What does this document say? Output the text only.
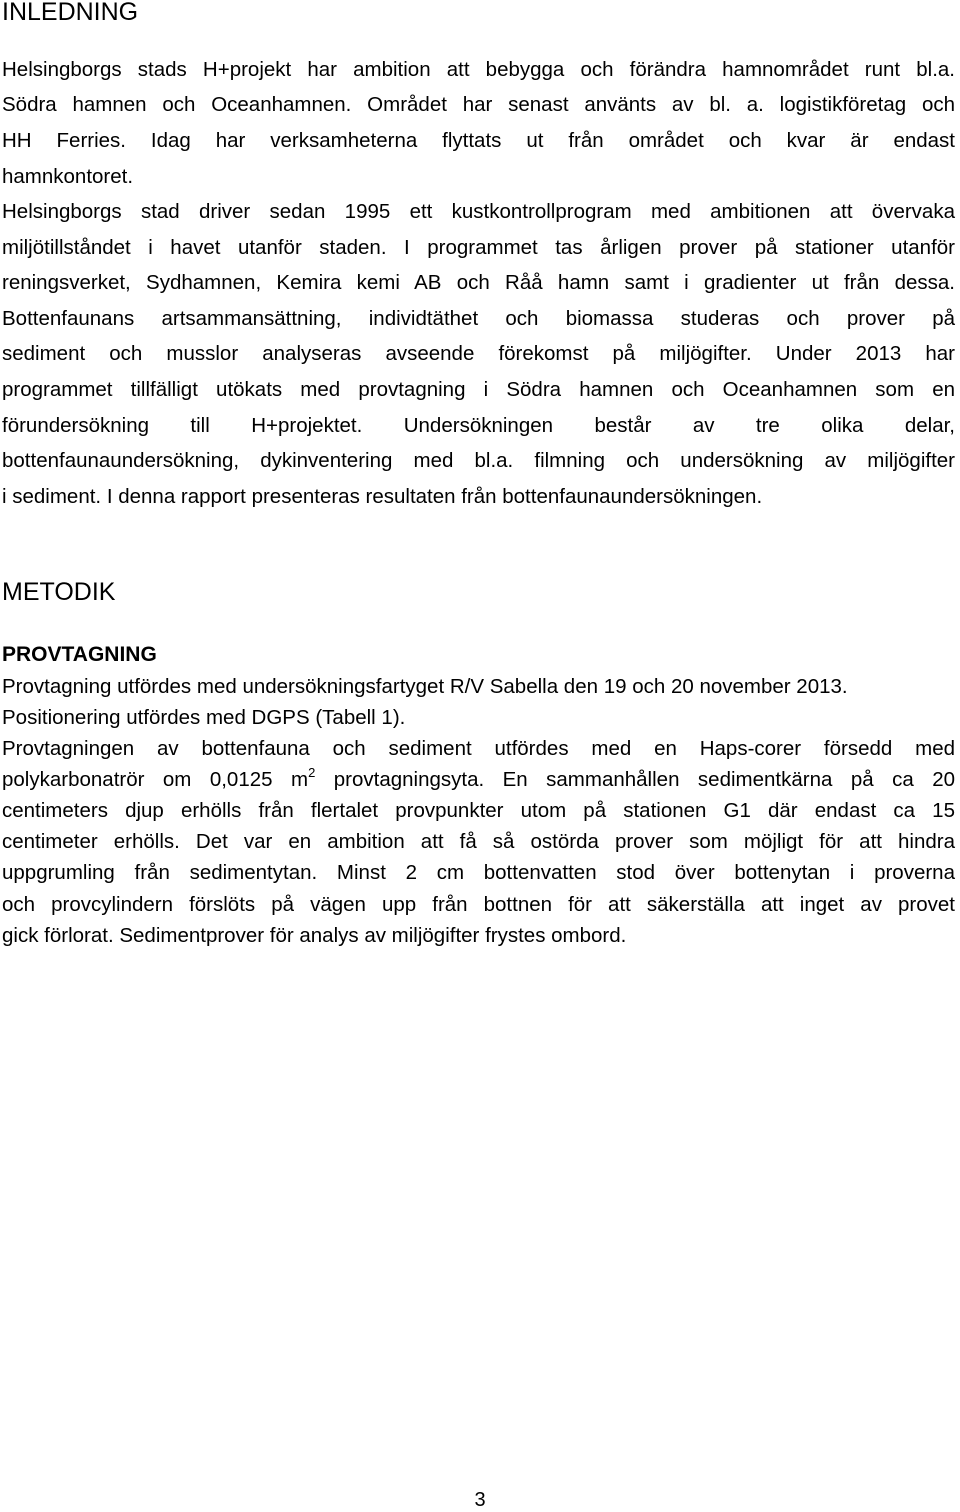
INLEDNING

Helsingborgs stads H+projekt har ambition att bebygga och förändra hamnområdet runt bl.a.

Södra hamnen och Oceanhamnen. Området har senast använts av bl. a. logistikföretag och

HH Ferries. Idag har verksamheterna flyttats ut från området och kvar är endast

hamnkontoret.

Helsingborgs stad driver sedan 1995 ett kustkontrollprogram med ambitionen att övervaka

miljötillståndet i havet utanför staden. I programmet tas årligen prover på stationer utanför

reningsverket, Sydhamnen, Kemira kemi AB och Råå hamn samt i gradienter ut från dessa.

Bottenfaunans artsammansättning, individtäthet och biomassa studeras och prover på

sediment och musslor analyseras avseende förekomst på miljögifter. Under 2013 har

programmet tillfälligt utökats med provtagning i Södra hamnen och Oceanhamnen som en

förundersökning till H+projektet. Undersökningen består av tre olika delar,

bottenfaunaundersökning, dykinventering med bl.a. filmning och undersökning av miljögifter

i sediment. I denna rapport presenteras resultaten från bottenfaunaundersökningen.

METODIK
PROVTAGNING

Provtagning utfördes med undersökningsfartyget R/V Sabella den 19 och 20 november 2013.

Positionering utfördes med DGPS (Tabell 1).

Provtagningen av bottenfauna och sediment utfördes med en Haps-corer försedd med

polykarbonatrör om 0,0125 $m^2$ provtagningsyta. En sammanhållen sedimentkärna på ca 20

centimeters djup erhölls från flertalet provpunkter utom på stationen G1 där endast ca 15

centimeter erhölls. Det var en ambition att få så ostörda prover som möjligt för att hindra

uppgrumling från sedimentytan. Minst 2 cm bottenvatten stod över bottenytan i proverna

och provcylindern förslöts på vägen upp från bottnen för att säkerställa att inget av provet

gick förlorat. Sedimentprover för analys av miljögifter frystes ombord.

3
